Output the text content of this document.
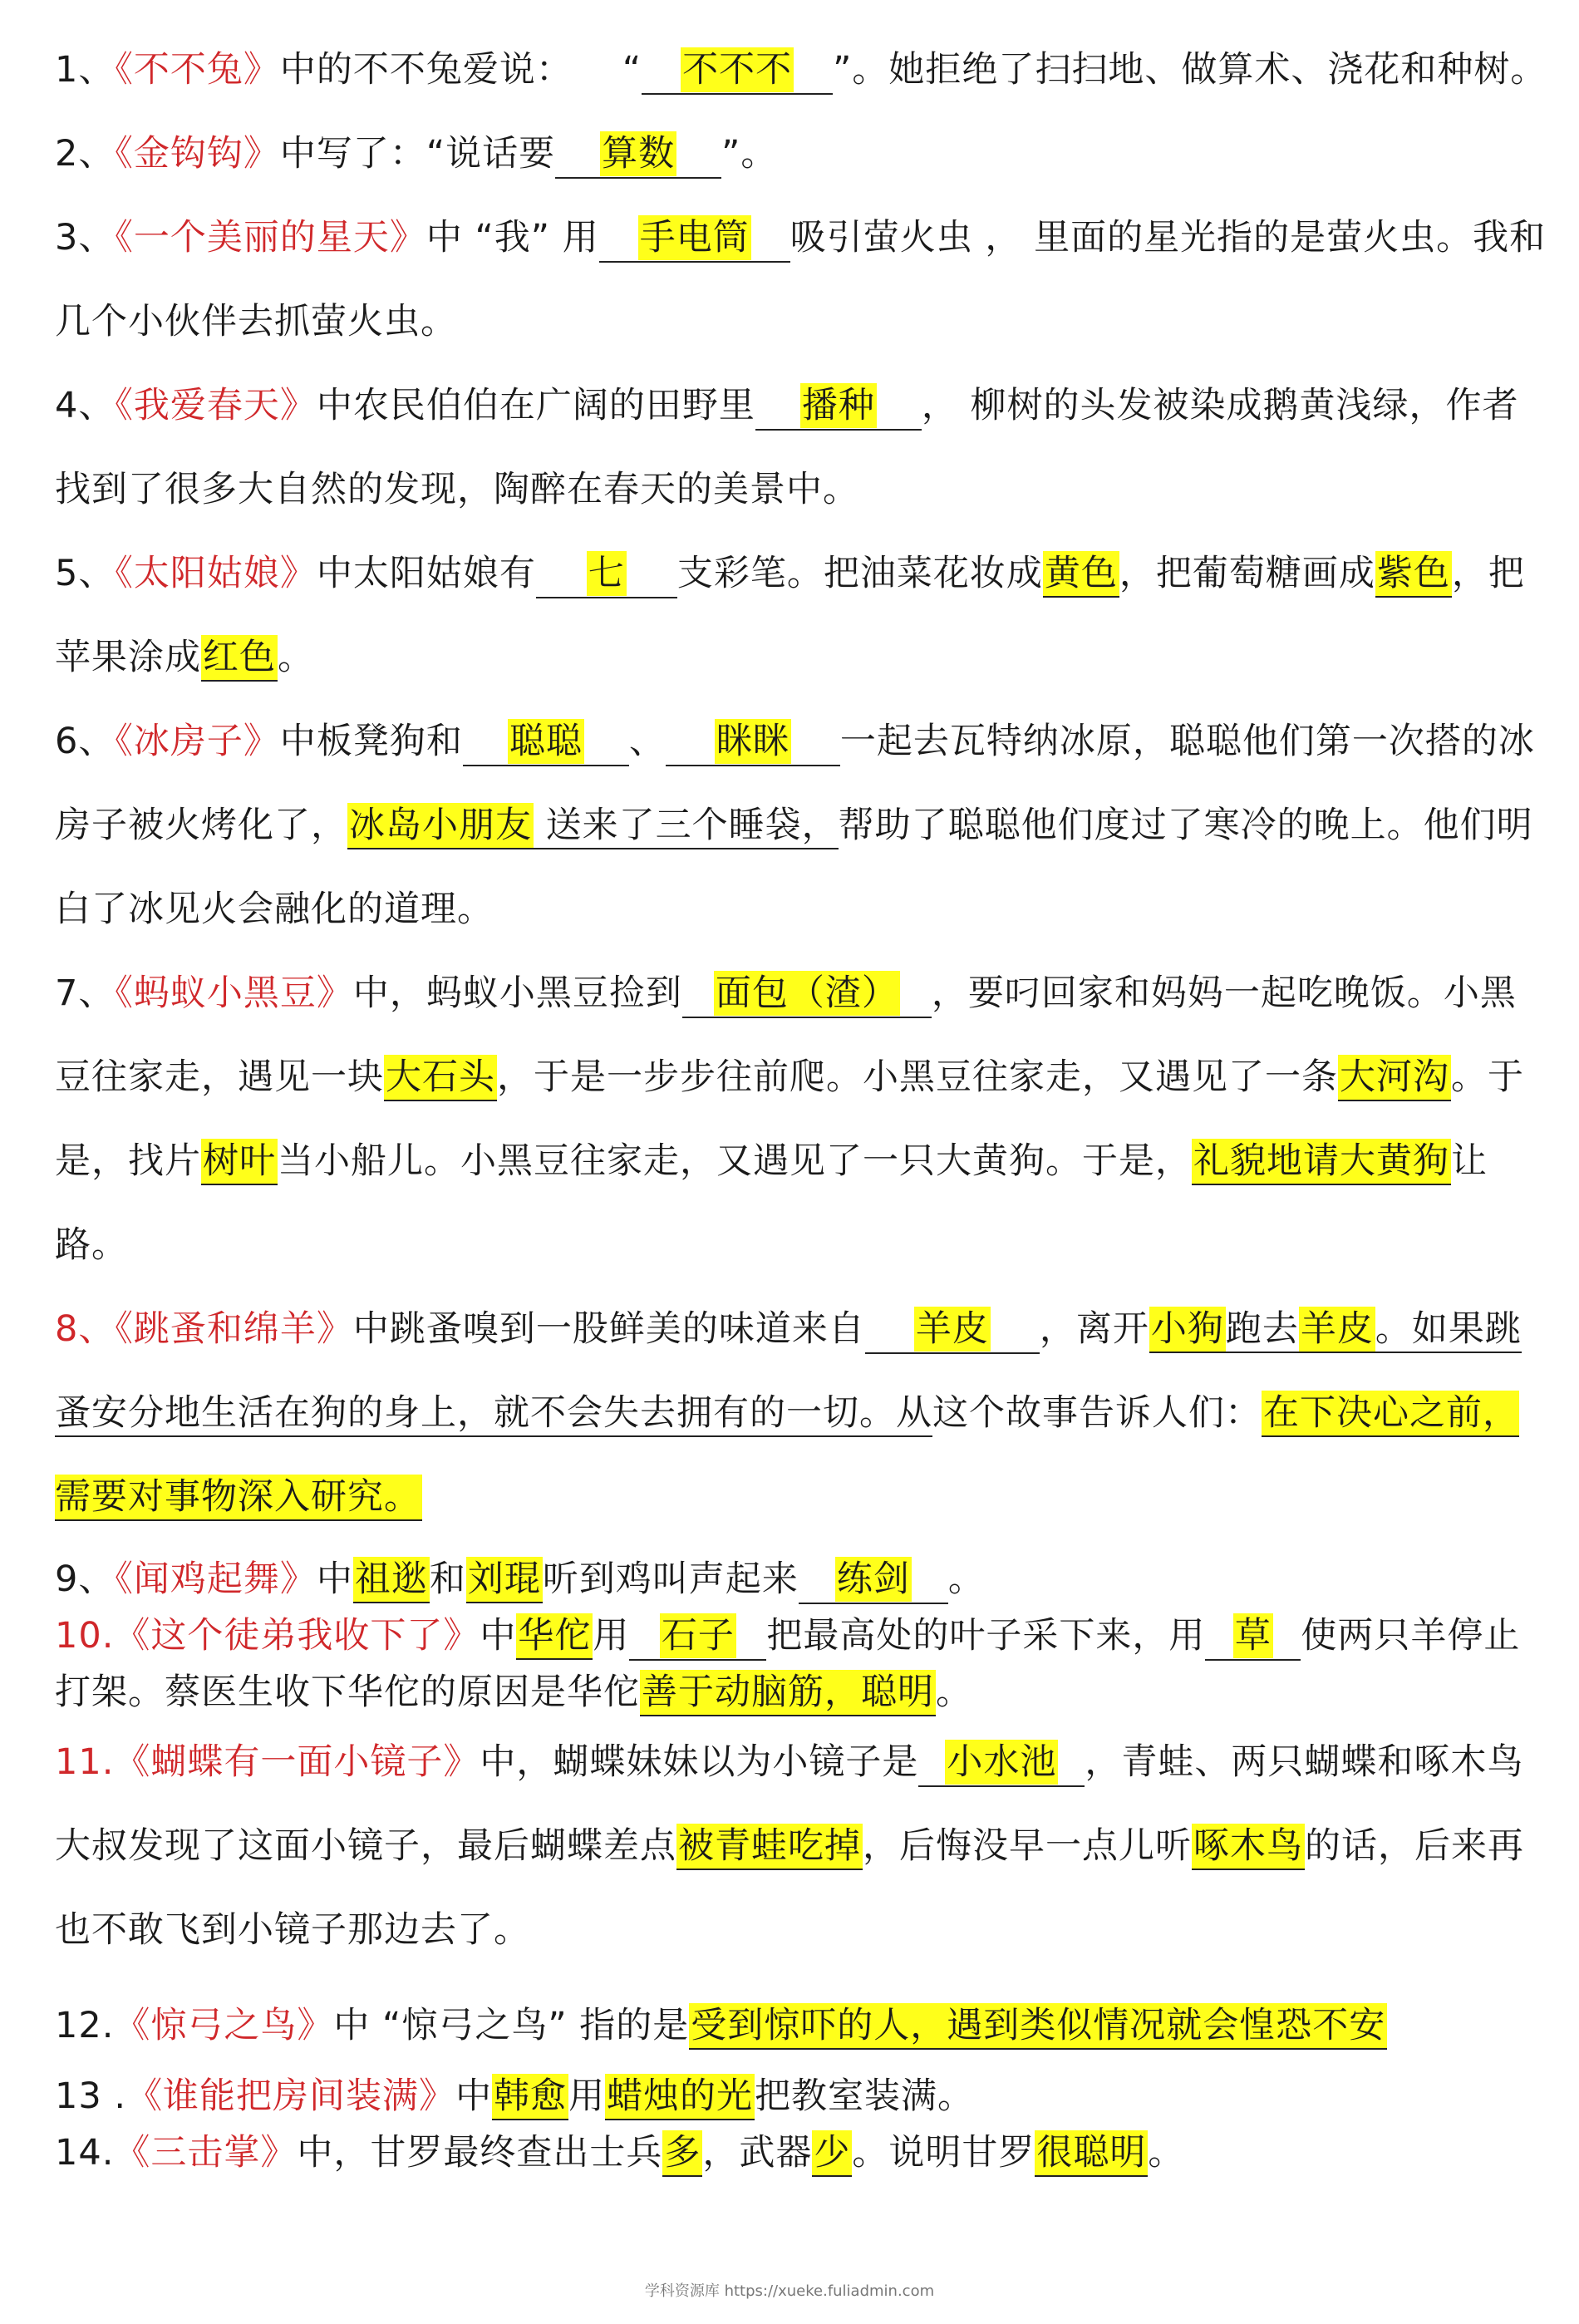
1、《不不兔》中的不不兔爱说： “ 不不不 ”。她拒绝了扫扫地、做算术、浇花和种树。

2、《金钩钩》中写了：“说话要 算数 ”。

3、《一个美丽的星天》中 “我” 用 手电筒 吸引萤火虫 ， 里面的星光指的是萤火虫。我和几个小伙伴去抓萤火虫。

4、《我爱春天》中农民伯伯在广阔的田野里 播种 ， 柳树的头发被染成鹅黄浅绿，作者找到了很多大自然的发现，陶醉在春天的美景中。

5、《太阳姑娘》中太阳姑娘有 七 支彩笔。把油菜花妆成黄色，把葡萄糖画成紫色，把苹果涂成红色。

6、《冰房子》中板凳狗和 聪聪 、 眯眯 一起去瓦特纳冰原，聪聪他们第一次搭的冰房子被火烤化了，冰岛小朋友 送来了三个睡袋，帮助了聪聪他们度过了寒冷的晚上。他们明白了冰见火会融化的道理。

7、《蚂蚁小黑豆》中，蚂蚁小黑豆捡到 面包（渣） ，要叼回家和妈妈一起吃晚饭。小黑豆往家走，遇见一块大石头，于是一步步往前爬。小黑豆往家走，又遇见了一条大河沟。于是，找片树叶当小船儿。小黑豆往家走，又遇见了一只大黄狗。于是，礼貌地请大黄狗让路。

8、《跳蚤和绵羊》中跳蚤嗅到一股鲜美的味道来自 羊皮 ，离开小狗跑去羊皮。如果跳蚤安分地生活在狗的身上，就不会失去拥有的一切。从这个故事告诉人们：在下决心之前，需要对事物深入研究。

9、《闻鸡起舞》中祖逖和刘琨听到鸡叫声起来 练剑 。

10.《这个徒弟我收下了》中华佗用 石子 把最高处的叶子采下来，用 草 使两只羊停止打架。蔡医生收下华佗的原因是华佗善于动脑筋，聪明。

11.《蝴蝶有一面小镜子》中，蝴蝶妹妹以为小镜子是 小水池 ，青蛙、两只蝴蝶和啄木鸟大叔发现了这面小镜子，最后蝴蝶差点被青蛙吃掉，后悔没早一点儿听啄木鸟的话，后来再也不敢飞到小镜子那边去了。

12.《惊弓之鸟》中 “惊弓之鸟” 指的是受到惊吓的人，遇到类似情况就会惶恐不安

13 .《谁能把房间装满》中韩愈用蜡烛的光把教室装满。

14.《三击掌》中，甘罗最终查出士兵多，武器少。说明甘罗很聪明。

学科资源库 https://xueke.fuliadmin.com
